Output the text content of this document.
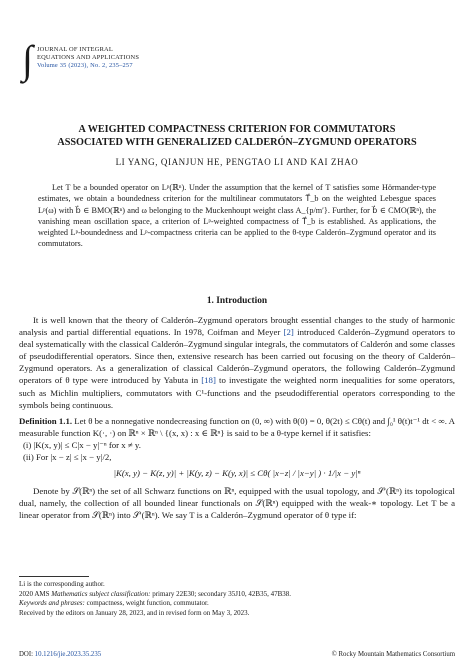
∫ JOURNAL OF INTEGRAL
EQUATIONS AND APPLICATIONS
Volume 35 (2023), No. 2, 235–257
A WEIGHTED COMPACTNESS CRITERION FOR COMMUTATORS
ASSOCIATED WITH GENERALIZED CALDERÓN–ZYGMUND OPERATORS
LI YANG, QIANJUN HE, PENGTAO LI AND KAI ZHAO

Let T be a bounded operator on Lᵖ(ℝⁿ). Under the assumption that the kernel of T satisfies some Hörmander-type estimates, we obtain a boundedness criterion for the multilinear commutators T⃗_b on the weighted Lebesgue spaces Lᵖ(ω) with b⃗ ∈ BMO(ℝⁿ) and ω belonging to the Muckenhoupt weight class A_{p/m′}. Further, for b⃗ ∈ CMO(ℝⁿ), the vanishing mean oscillation space, a criterion of Lᵖ-weighted compactness of T⃗_b is established. As applications, the weighted Lᵖ-boundedness and Lᵖ-compactness criteria can be applied to the θ-type Calderón–Zygmund operator and its commutators.

1. Introduction

It is well known that the theory of Calderón–Zygmund operators brought essential changes to the study of harmonic analysis and partial differential equations. In 1978, Coifman and Meyer [2] introduced Calderón–Zygmund operators to deal systematically with the classical Calderón–Zygmund singular integrals, the commutators of Calderón and some classes of pseudodifferential operators. Since then, extensive research has been carried out focusing on the theory of Calderón–Zygmund operators. As a generalization of classical Calderón–Zygmund operators, the following Calderón–Zygmund operators of θ type were introduced by Yabuta in [18] to investigate the weighted norm inequalities for some operators, such as Michlin multipliers, commutators with C¹-functions and the pseudodifferential operators corresponding to the symbols being continuous.

Definition 1.1. Let θ be a nonnegative nondecreasing function on (0, ∞) with θ(0) = 0, θ(2t) ≤ Cθ(t) and ∫₀¹ θ(t)t⁻¹ dt < ∞. A measurable function K(·, ·) on ℝⁿ × ℝⁿ \ {(x, x) : x ∈ ℝⁿ} is said to be a θ-type kernel if it satisfies:

(i) |K(x, y)| ≤ C|x − y|⁻ⁿ for x ≠ y.

(ii) For |x − z| ≤ |x − y|/2,

|K(x, y) − K(z, y)| + |K(y, z) − K(y, x)| ≤ Cθ( |x−z| / |x−y| ) · 1/|x − y|ⁿ

Denote by 𝒮(ℝⁿ) the set of all Schwarz functions on ℝⁿ, equipped with the usual topology, and 𝒮′(ℝⁿ) its topological dual, namely, the collection of all bounded linear functionals on 𝒮(ℝⁿ) equipped with the weak-∗ topology. Let T be a linear operator from 𝒮(ℝⁿ) into 𝒮′(ℝⁿ). We say T is a Calderón–Zygmund operator of θ type if:

Li is the corresponding author.
2020 AMS Mathematics subject classification: primary 22E30; secondary 35J10, 42B35, 47B38.
Keywords and phrases: compactness, weight function, commutator.
Received by the editors on January 28, 2023, and in revised form on May 3, 2023.
DOI: 10.1216/jie.2023.35.235	© Rocky Mountain Mathematics Consortium
